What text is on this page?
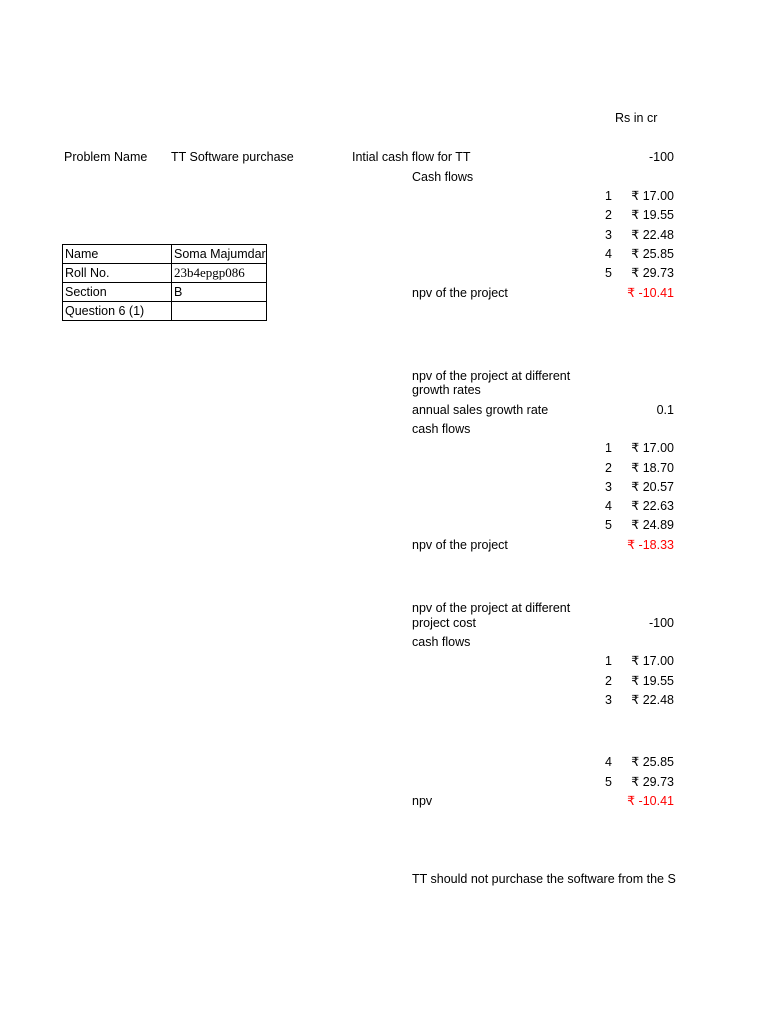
Rs in cr
Problem Name TT Software purchase
Name	Soma Majumdar
Roll No.	23b4epgp086
Section	B
Question 6 (1)	
Intial cash flow for TT	-100
Cash flows
1	₹ 17.00
2	₹ 19.55
3	₹ 22.48
4	₹ 25.85
5	₹ 29.73
npv of the project	₹ -10.41
npv of the project at different
growth rates
annual sales growth rate	0.1
cash flows
1	₹ 17.00
2	₹ 18.70
3	₹ 20.57
4	₹ 22.63
5	₹ 24.89
npv of the project	₹ -18.33
npv of the project at different
project cost	-100
cash flows
1	₹ 17.00
2	₹ 19.55
3	₹ 22.48
4	₹ 25.85
5	₹ 29.73
npv	₹ -10.41
TT should not purchase the software from the S
